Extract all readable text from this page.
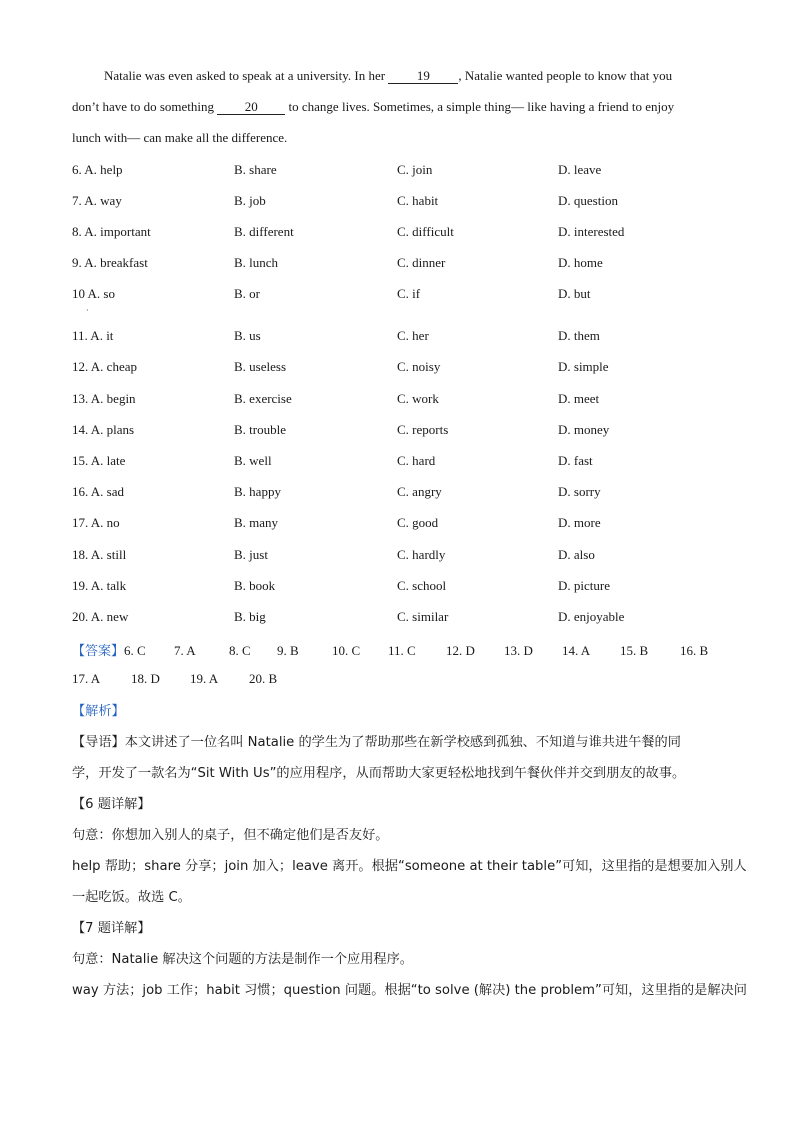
Natalie was even asked to speak at a university. In her 19 , Natalie wanted people to know that you
don’t have to do something 20 to change lives. Sometimes, a simple thing— like having a friend to enjoy
lunch with— can make all the difference.
6. A. help	B. share	C. join	D. leave
7. A. way	B. job	C. habit	D. question
8. A. important	B. different	C. difficult	D. interested
9. A. breakfast	B. lunch	C. dinner	D. home
10 A. so	B. or	C. if	D. but
11. A. it	B. us	C. her	D. them
12. A. cheap	B. useless	C. noisy	D. simple
13. A. begin	B. exercise	C. work	D. meet
14. A. plans	B. trouble	C. reports	D. money
15. A. late	B. well	C. hard	D. fast
16. A. sad	B. happy	C. angry	D. sorry
17. A. no	B. many	C. good	D. more
18. A. still	B. just	C. hardly	D. also
19. A. talk	B. book	C. school	D. picture
20. A. new	B. big	C. similar	D. enjoyable
·
【答案】6. C 7. A	8. C 9. B	10. C 11. C 12. D 13. D 14. A 15. B 16. B
17. A 18. D 19. A 20. B
【解析】
【导语】本文讲述了一位名叫 Natalie 的学生为了帮助那些在新学校感到孤独、不知道与谁共进午餐的同
学，开发了一款名为“Sit With Us”的应用程序，从而帮助大家更轻松地找到午餐伙伴并交到朋友的故事。
【6 题详解】
句意：你想加入别人的桌子，但不确定他们是否友好。
help 帮助；share 分享；join 加入；leave 离开。根据“someone at their table”可知，这里指的是想要加入别人
一起吃饭。故选 C。
【7 题详解】
句意：Natalie 解决这个问题的方法是制作一个应用程序。
way 方法；job 工作；habit 习惯；question 问题。根据“to solve (解决) the problem”可知，这里指的是解决问
